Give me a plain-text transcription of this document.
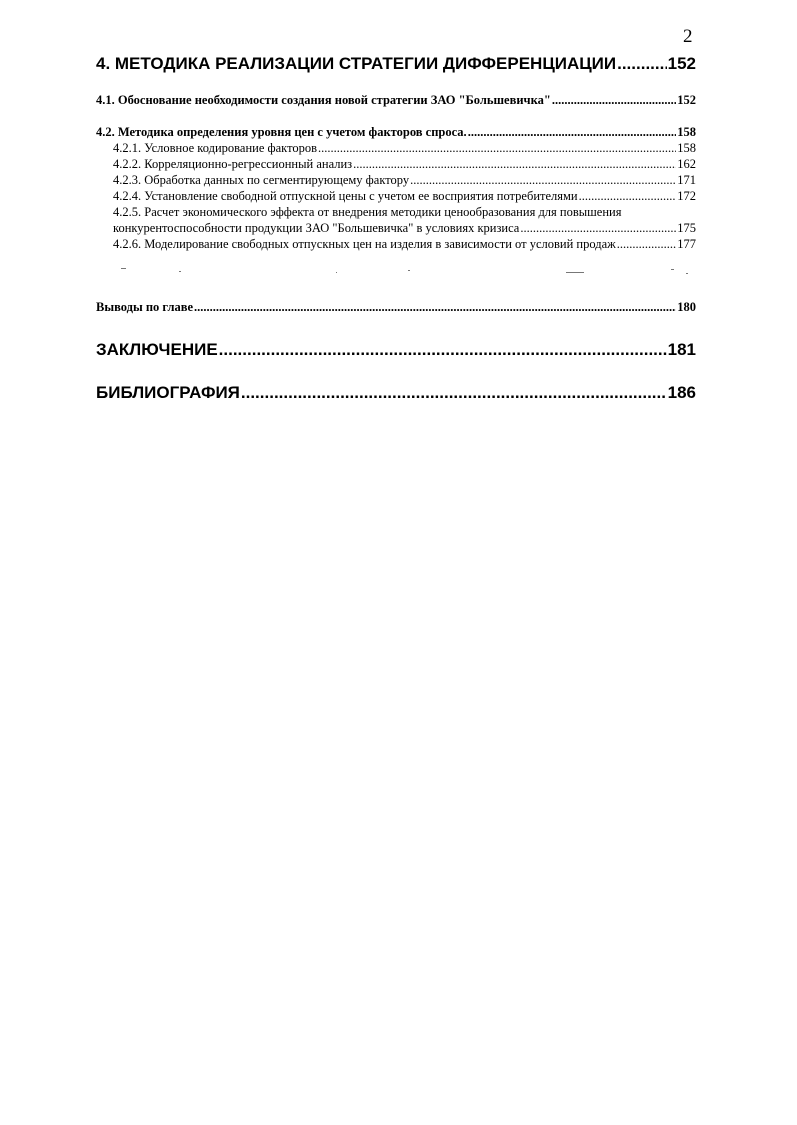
2
4. МЕТОДИКА РЕАЛИЗАЦИИ СТРАТЕГИИ ДИФФЕРЕНЦИАЦИИ .....	152
4.1. Обоснование необходимости создания новой стратегии ЗАО "Большевичка" .....	152
4.2. Методика определения уровня цен с учетом факторов спроса. .....	158
4.2.1. Условное кодирование факторов .....	158
4.2.2. Корреляционно-регрессионный анализ .....	162
4.2.3. Обработка данных по сегментирующему фактору .....	171
4.2.4. Установление свободной отпускной цены с учетом ее восприятия потребителями .....	172
4.2.5. Расчет экономического эффекта от внедрения методики ценообразования для повышения
конкурентоспособности продукции ЗАО "Большевичка" в условиях кризиса .....	175
4.2.6. Моделирование свободных отпускных цен на изделия в зависимости от условий продаж .....	177
Выводы по главе .....	180
ЗАКЛЮЧЕНИЕ .....	181
БИБЛИОГРАФИЯ .....	186
